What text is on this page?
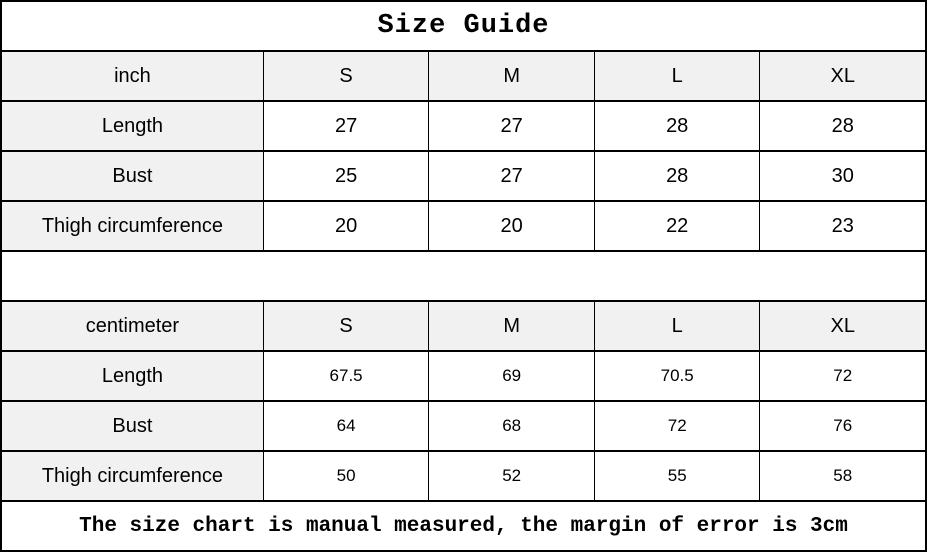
Size Guide
inch	S	M	L	XL
Length	27	27	28	28
Bust	25	27	28	30
Thigh circumference	20	20	22	23
centimeter	S	M	L	XL
Length	67.5	69	70.5	72
Bust	64	68	72	76
Thigh circumference	50	52	55	58
The size chart is manual measured, the margin of error is 3cm
